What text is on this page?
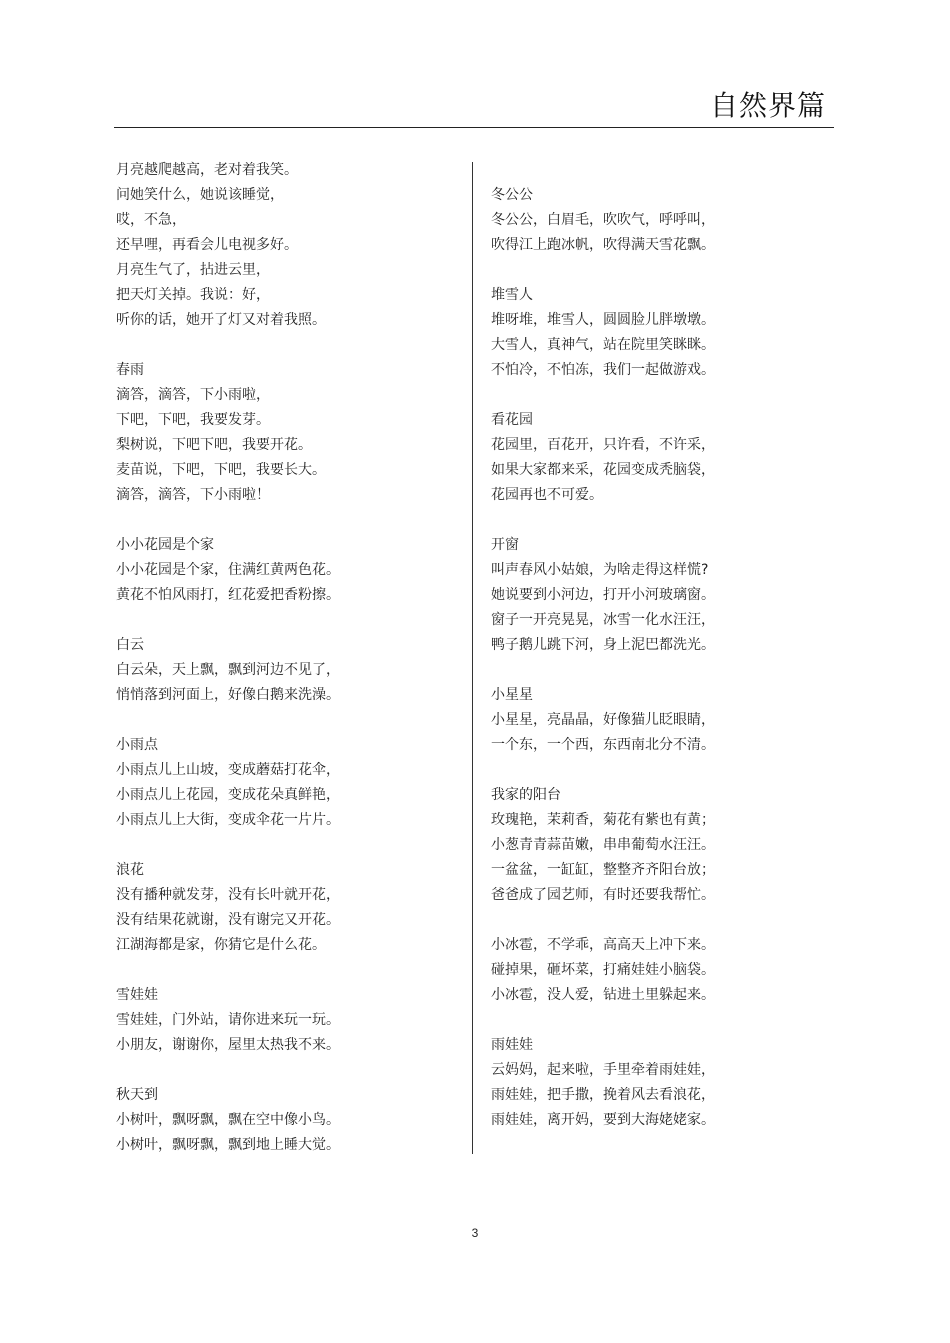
自然界篇
月亮越爬越高，老对着我笑。
问她笑什么，她说该睡觉，
哎，不急，
还早哩，再看会儿电视多好。
月亮生气了，拈进云里，
把天灯关掉。我说：好，
听你的话，她开了灯又对着我照。
春雨
滴答，滴答，下小雨啦，
下吧，下吧，我要发芽。
梨树说，下吧下吧，我要开花。
麦苗说，下吧，下吧，我要长大。
滴答，滴答，下小雨啦！
小小花园是个家
小小花园是个家，住满红黄两色花。
黄花不怕风雨打，红花爱把香粉擦。
白云
白云朵，天上飘，飘到河边不见了，
悄悄落到河面上，好像白鹅来洗澡。
小雨点
小雨点儿上山坡，变成蘑菇打花伞，
小雨点儿上花园，变成花朵真鲜艳，
小雨点儿上大街，变成伞花一片片。
浪花
没有播种就发芽，没有长叶就开花，
没有结果花就谢，没有谢完又开花。
江湖海都是家，你猜它是什么花。
雪娃娃
雪娃娃，门外站，请你进来玩一玩。
小朋友，谢谢你，屋里太热我不来。
秋天到
小树叶，飘呀飘，飘在空中像小鸟。
小树叶，飘呀飘，飘到地上睡大觉。
冬公公
冬公公，白眉毛，吹吹气，呼呼叫，
吹得江上跑冰帆，吹得满天雪花飘。
堆雪人
堆呀堆，堆雪人，圆圆脸儿胖墩墩。
大雪人，真神气，站在院里笑眯眯。
不怕冷，不怕冻，我们一起做游戏。
看花园
花园里，百花开，只许看，不许采，
如果大家都来采，花园变成秃脑袋，
花园再也不可爱。
开窗
叫声春风小姑娘，为啥走得这样慌?
她说要到小河边，打开小河玻璃窗。
窗子一开亮晃晃，冰雪一化水汪汪，
鸭子鹅儿跳下河，身上泥巴都洗光。
小星星
小星星，亮晶晶，好像猫儿眨眼睛，
一个东，一个西，东西南北分不清。
我家的阳台
玫瑰艳，茉莉香，菊花有紫也有黄；
小葱青青蒜苗嫩，串串葡萄水汪汪。
一盆盆，一缸缸，整整齐齐阳台放；
爸爸成了园艺师，有时还要我帮忙。
小冰雹，不学乖，高高天上冲下来。
碰掉果，砸坏菜，打痛娃娃小脑袋。
小冰雹，没人爱，钻进土里躲起来。
雨娃娃
云妈妈，起来啦，手里牵着雨娃娃，
雨娃娃，把手撒，挽着风去看浪花，
雨娃娃，离开妈，要到大海姥姥家。
3
